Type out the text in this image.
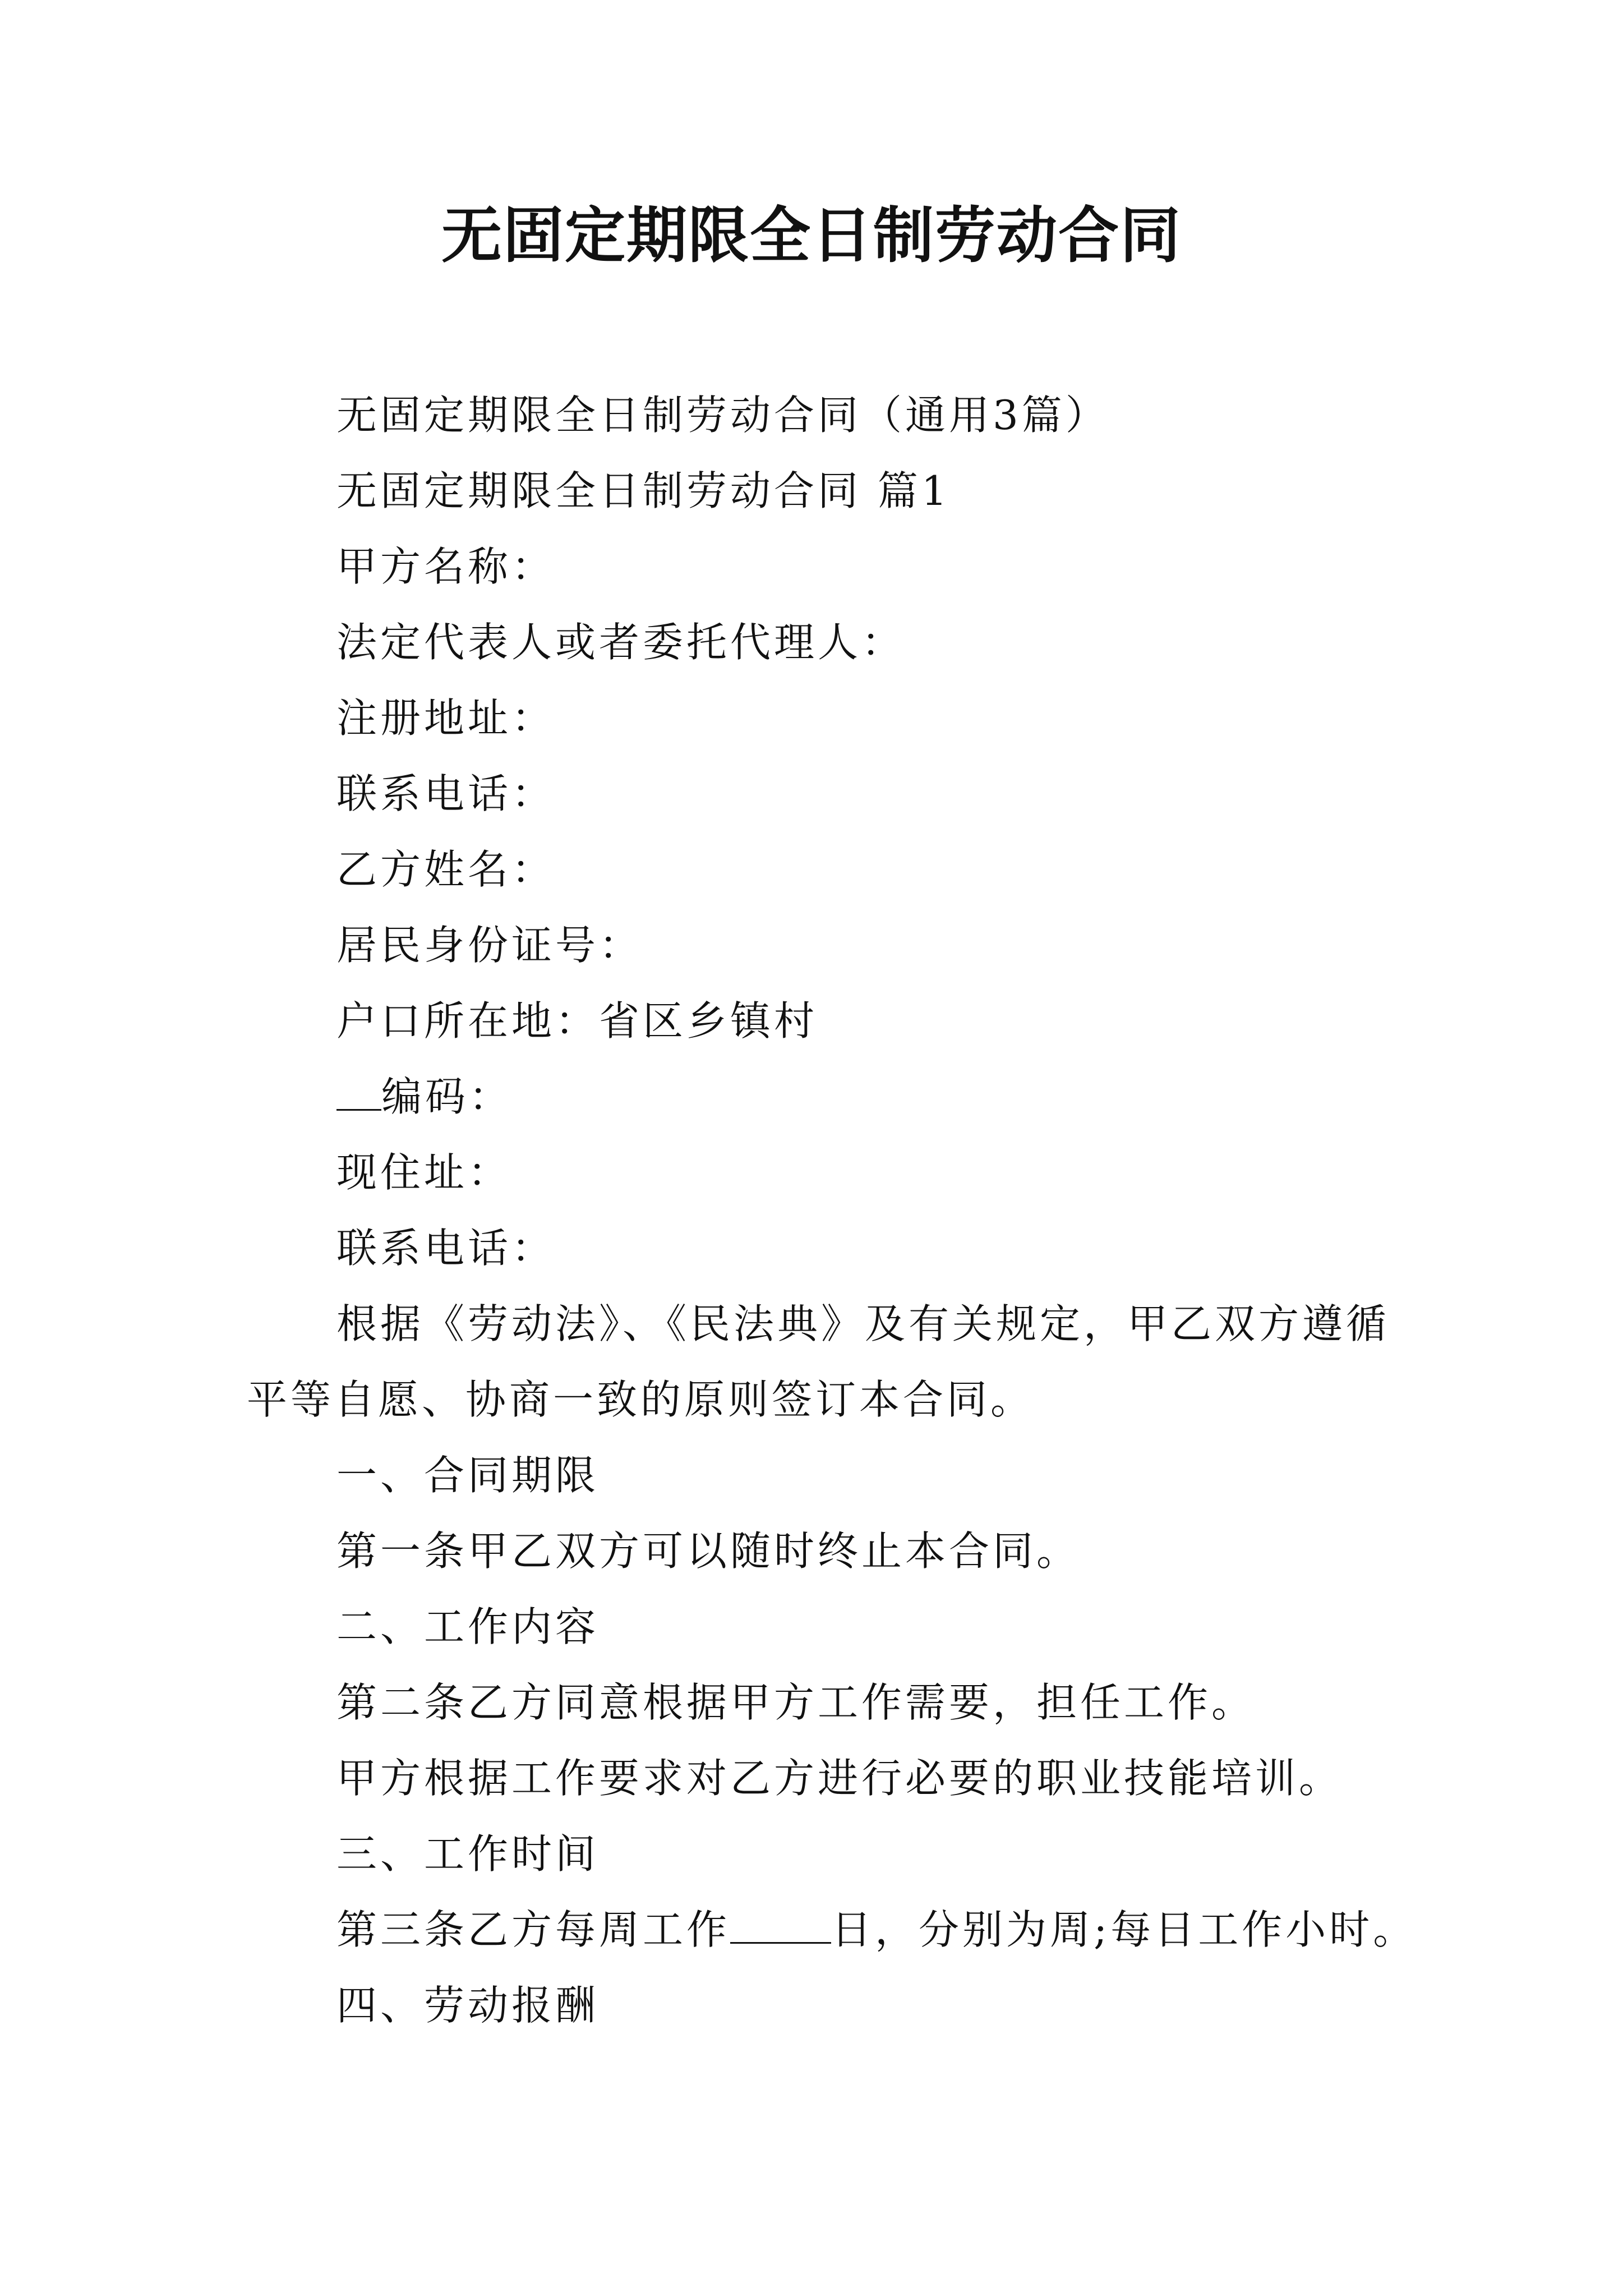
无固定期限全日制劳动合同

无固定期限全日制劳动合同（通用3篇）

无固定期限全日制劳动合同 篇1

甲方名称：

法定代表人或者委托代理人：

注册地址：

联系电话：

乙方姓名：

居民身份证号：

户口所在地：省区乡镇村

编码：

现住址：

联系电话：

根据《劳动法》、《民法典》及有关规定，甲乙双方遵循

平等自愿、协商一致的原则签订本合同。

一、合同期限

第一条甲乙双方可以随时终止本合同。

二、工作内容

第二条乙方同意根据甲方工作需要，担任工作。

甲方根据工作要求对乙方进行必要的职业技能培训。

三、工作时间

第三条乙方每周工作	日，分别为周;每日工作小时。

四、劳动报酬
